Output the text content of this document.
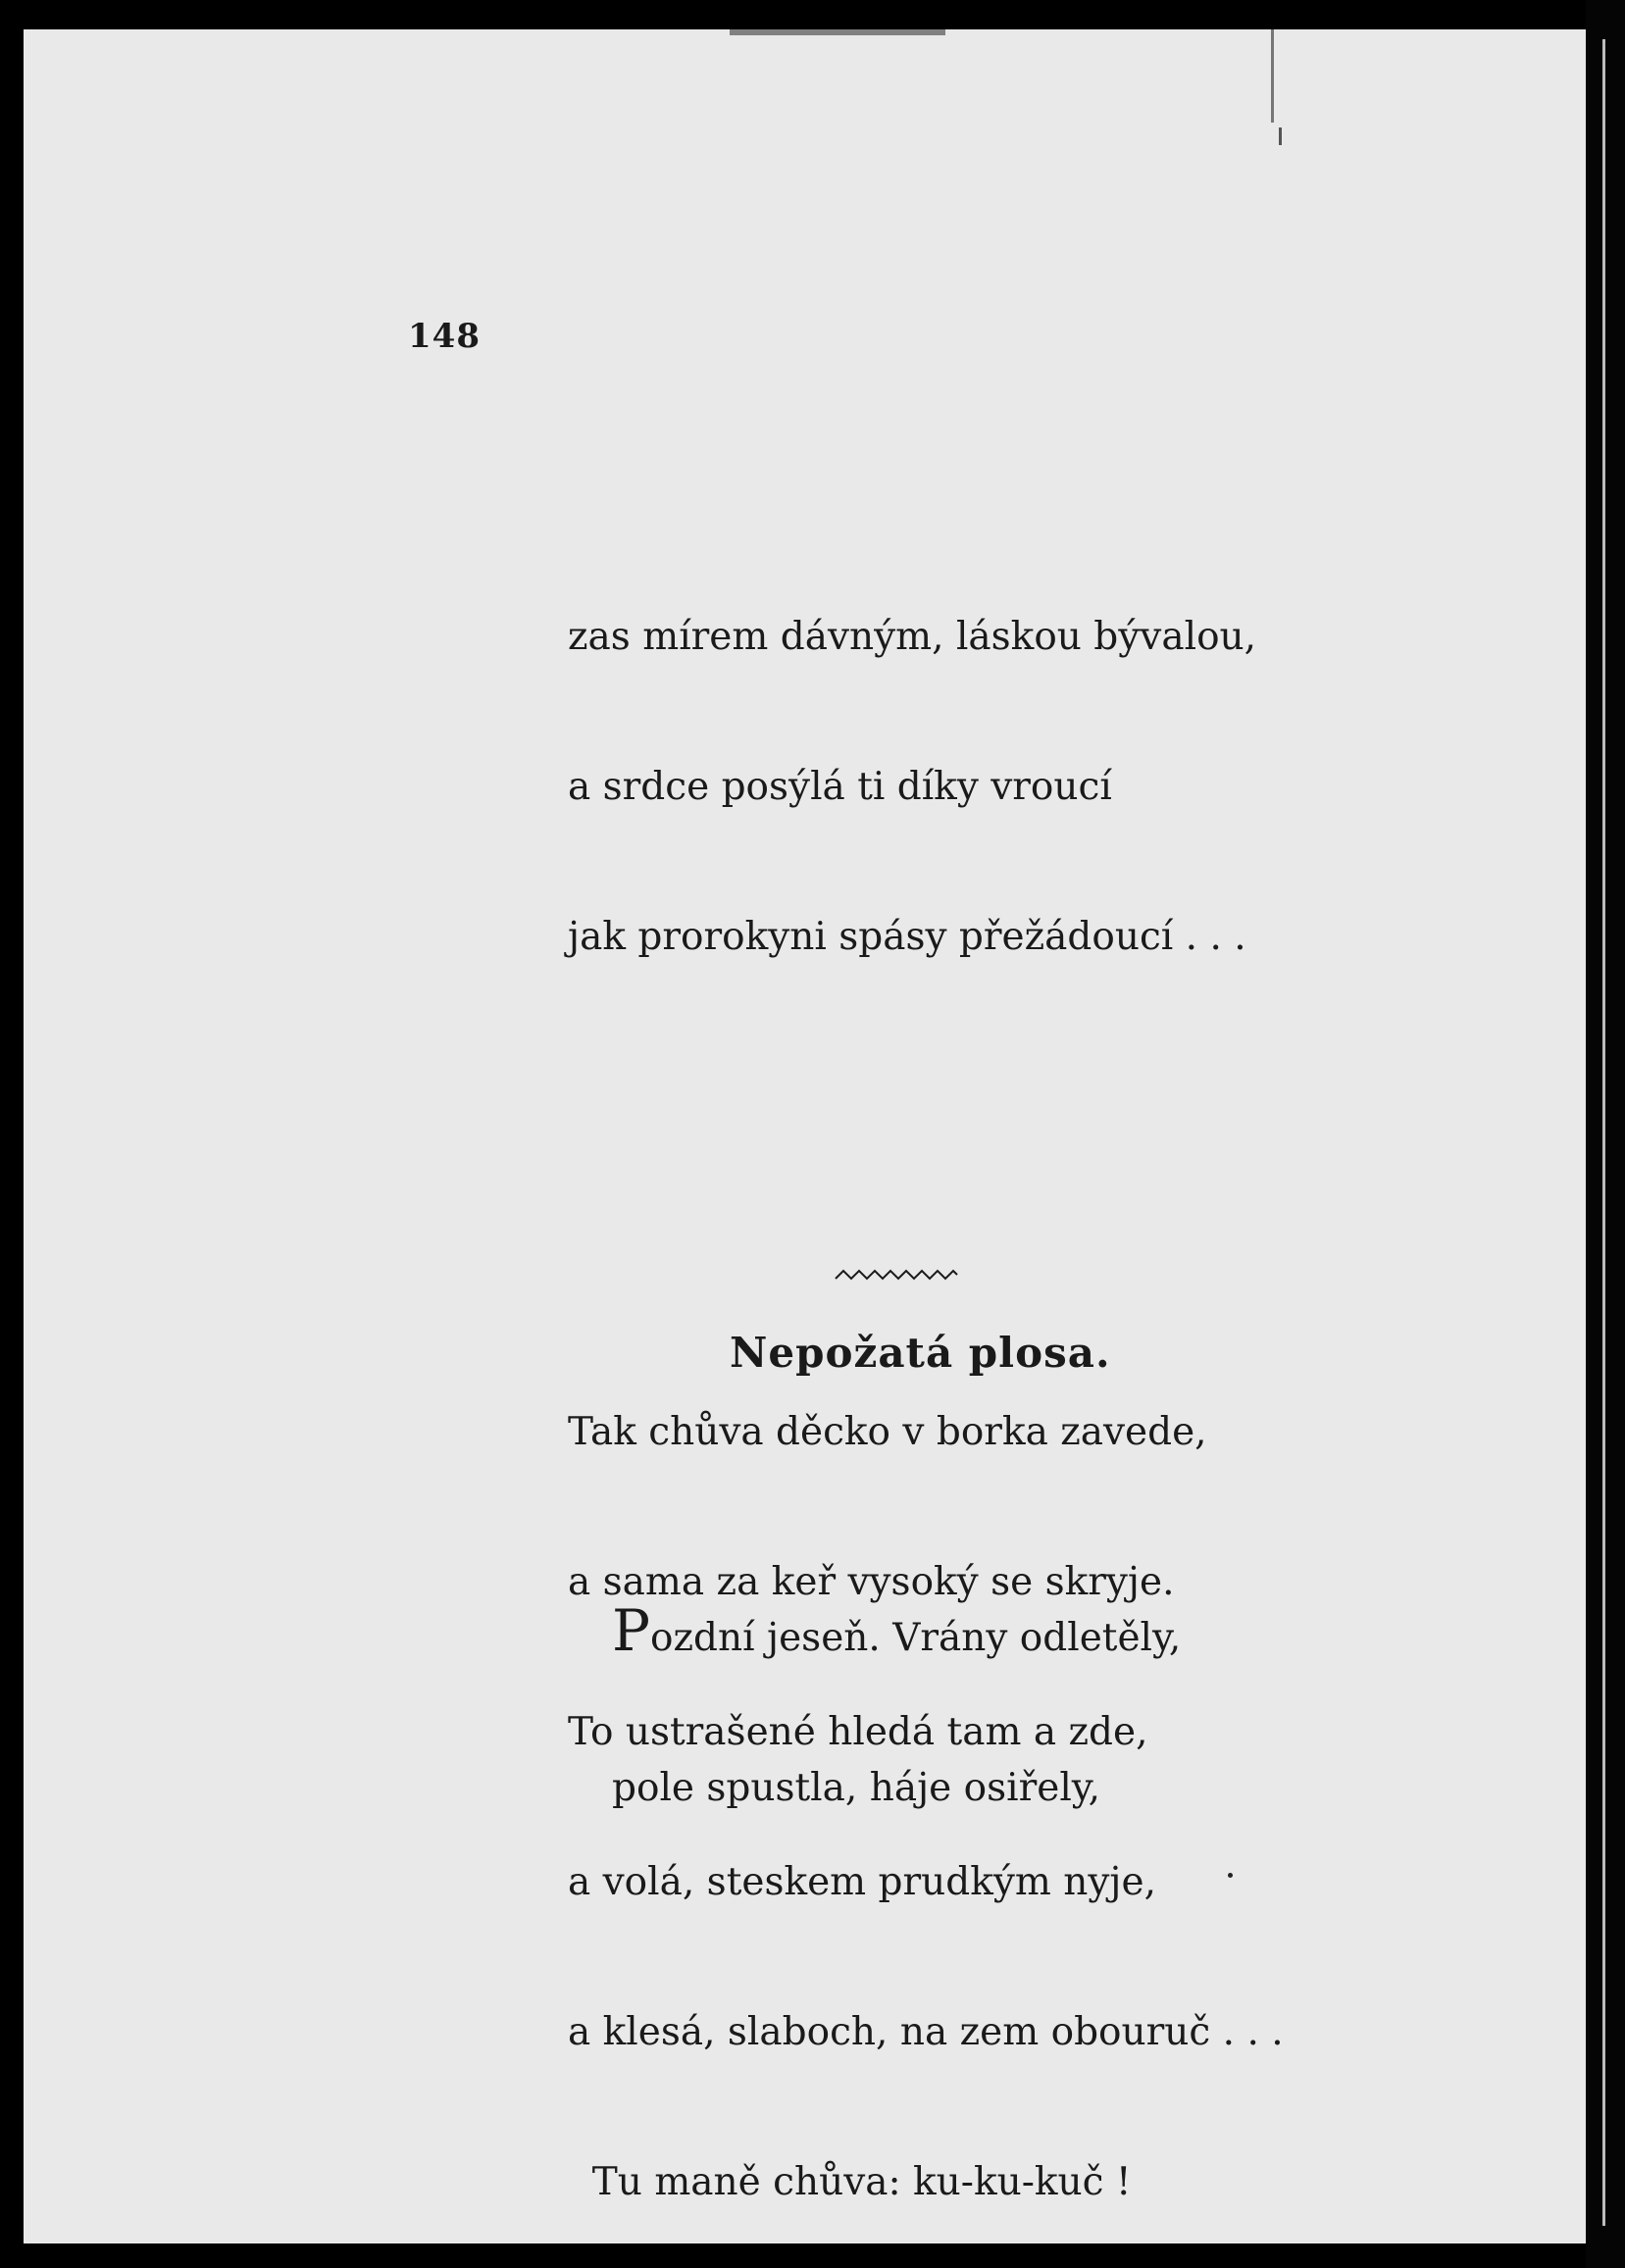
148

zas mírem dávným, láskou bývalou,

a srdce posýlá ti díky vroucí

jak prorokyni spásy přežádoucí . . .

Tak chůva děcko v borka zavede,

a sama za keř vysoký se skryje.

To ustrašené hledá tam a zde,

a volá, steskem prudkým nyje,

a klesá, slaboch, na zem obouruč . . .

Tu maně chůva: ku-ku-kuč !

Nepožatá plosa.

Pozdní jeseň. Vrány odletěly,

pole spustla, háje osiřely,
